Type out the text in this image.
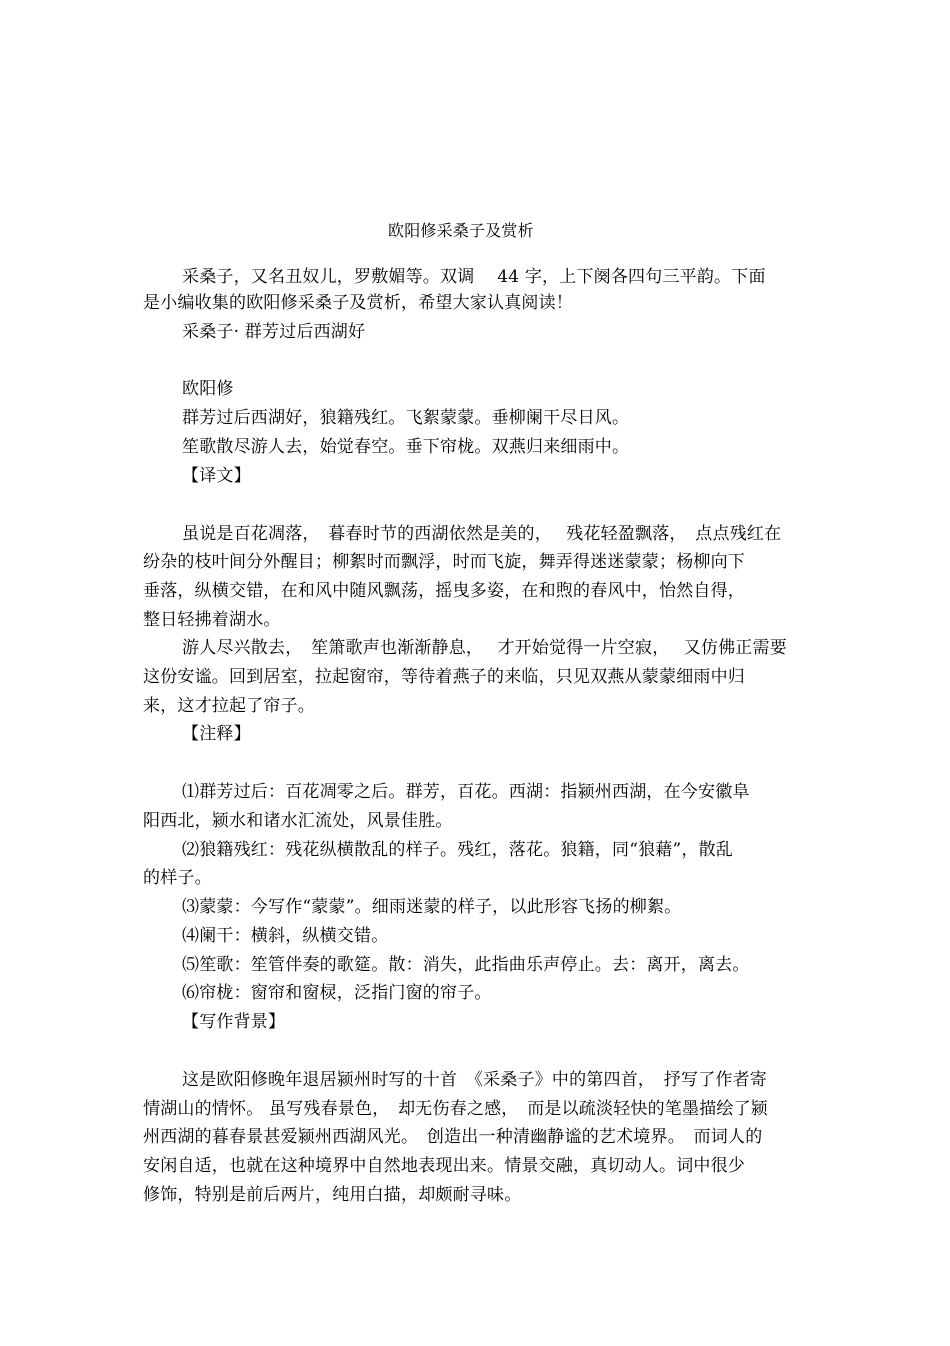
欧阳修采桑子及赏析
采桑子，又名丑奴儿，罗敷媚等。双调　 44 字，上下阕各四句三平韵。下面
是小编收集的欧阳修采桑子及赏析，希望大家认真阅读！
采桑子· 群芳过后西湖好
欧阳修
群芳过后西湖好，狼籍残红。飞絮蒙蒙。垂柳阑干尽日风。
笙歌散尽游人去，始觉春空。垂下帘栊。双燕归来细雨中。
【译文】
虽说是百花凋落，　暮春时节的西湖依然是美的，　 残花轻盈飘落，　点点残红在
纷杂的枝叶间分外醒目；柳絮时而飘浮，时而飞旋，舞弄得迷迷蒙蒙；杨柳向下
垂落，纵横交错，在和风中随风飘荡，摇曳多姿，在和煦的春风中，怡然自得，
整日轻拂着湖水。
游人尽兴散去，　笙箫歌声也渐渐静息，　 才开始觉得一片空寂，　 又仿佛正需要
这份安谧。回到居室，拉起窗帘，等待着燕子的来临，只见双燕从蒙蒙细雨中归
来，这才拉起了帘子。
【注释】
⑴群芳过后：百花凋零之后。群芳，百花。西湖：指颍州西湖，在今安徽阜
阳西北，颍水和诸水汇流处，风景佳胜。
⑵狼籍残红：残花纵横散乱的样子。残红，落花。狼籍，同“狼藉”，散乱
的样子。
⑶蒙蒙：今写作“蒙蒙”。细雨迷蒙的样子，以此形容飞扬的柳絮。
⑷阑干：横斜，纵横交错。
⑸笙歌：笙管伴奏的歌筵。散：消失，此指曲乐声停止。去：离开，离去。
⑹帘栊：窗帘和窗棂，泛指门窗的帘子。
【写作背景】
这是欧阳修晚年退居颍州时写的十首　《采桑子》中的第四首，　抒写了作者寄
情湖山的情怀。 虽写残春景色，　却无伤春之感，　而是以疏淡轻快的笔墨描绘了颍
州西湖的暮春景甚爱颍州西湖风光。　创造出一种清幽静谧的艺术境界。　而词人的
安闲自适，也就在这种境界中自然地表现出来。情景交融，真切动人。词中很少
修饰，特别是前后两片，纯用白描，却颇耐寻味。
